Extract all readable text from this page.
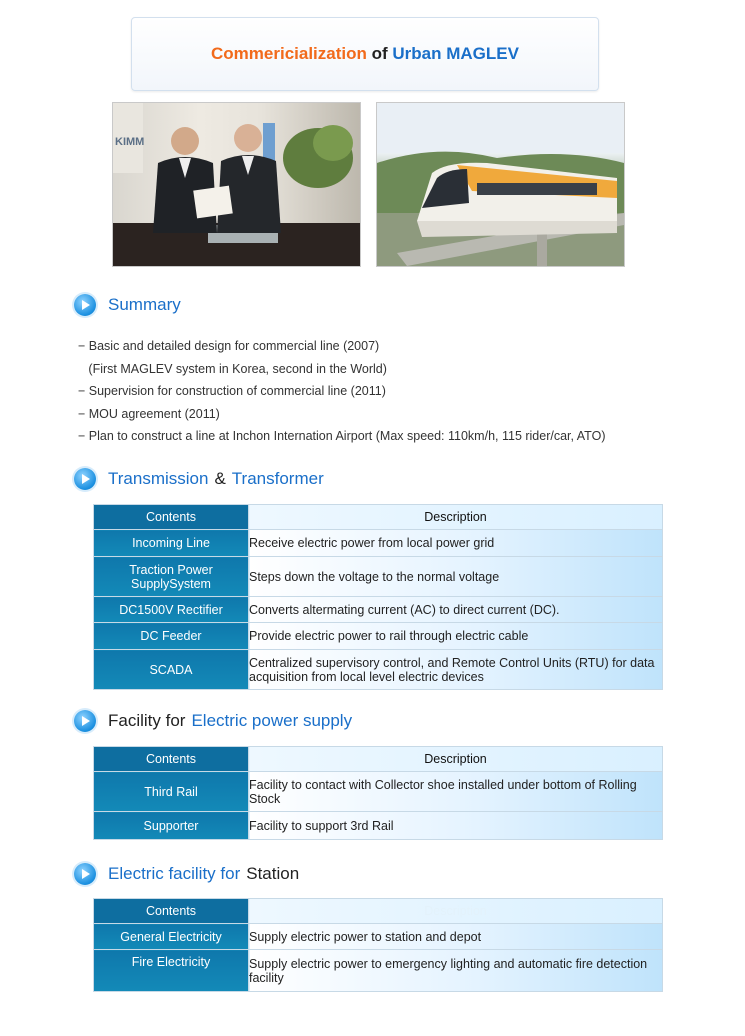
Commericialization of Urban MAGLEV
KIMM
Summary
− Basic and detailed design for commercial line (2007)
(First MAGLEV system in Korea, second in the World)
− Supervision for construction of commercial line (2011)
− MOU agreement (2011)
− Plan to construct a line at Inchon Internation Airport (Max speed: 110km/h, 115 rider/car, ATO)
Transmission & Transformer
Contents	Description
Incoming Line	Receive electric power from local power grid
Traction Power SupplySystem	Steps down the voltage to the normal voltage
DC1500V Rectifier	Converts altermating current (AC) to direct current (DC).
DC Feeder	Provide electric power to rail through electric cable
SCADA	Centralized supervisory control, and Remote Control Units (RTU) for data acquisition from local level electric devices
Facility for Electric power supply
Contents	Description
Third Rail	Facility to contact with Collector shoe installed under bottom of Rolling Stock
Supporter	Facility to support 3rd Rail
Electric facility for Station
Contents	Description
General Electricity	Supply electric power to station and depot
Fire Electricity	Supply electric power to emergency lighting and automatic fire detection facility
